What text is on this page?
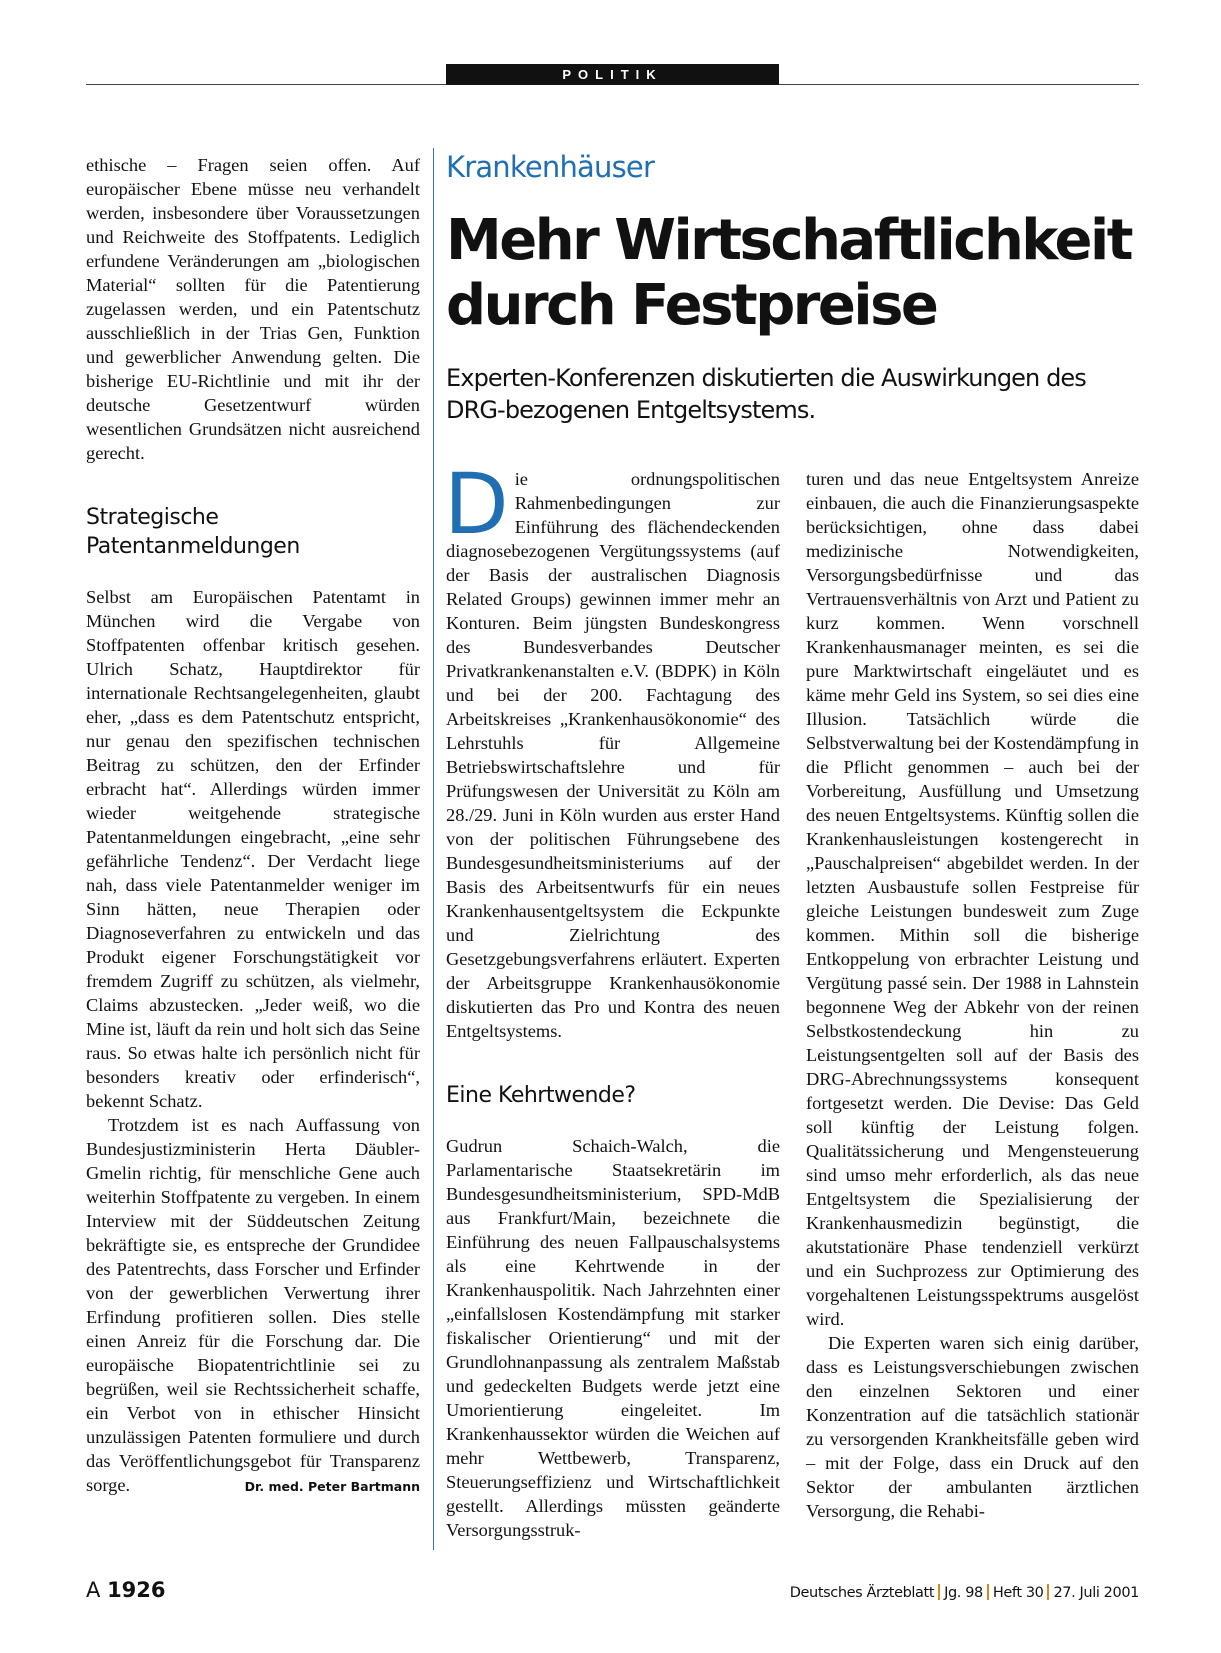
POLITIK

ethische – Fragen seien offen. Auf europäischer Ebene müsse neu verhandelt werden, insbesondere über Voraussetzungen und Reichweite des Stoffpatents. Lediglich erfundene Veränderungen am „biologischen Material“ sollten für die Patentierung zugelassen werden, und ein Patentschutz ausschließlich in der Trias Gen, Funktion und gewerblicher Anwendung gelten. Die bisherige EU-Richtlinie und mit ihr der deutsche Gesetzentwurf würden wesentlichen Grundsätzen nicht ausreichend gerecht.

Strategische Patentanmeldungen

Selbst am Europäischen Patentamt in München wird die Vergabe von Stoffpatenten offenbar kritisch gesehen. Ulrich Schatz, Hauptdirektor für internationale Rechtsangelegenheiten, glaubt eher, „dass es dem Patentschutz entspricht, nur genau den spezifischen technischen Beitrag zu schützen, den der Erfinder erbracht hat“. Allerdings würden immer wieder weitgehende strategische Patentanmeldungen eingebracht, „eine sehr gefährliche Tendenz“. Der Verdacht liege nah, dass viele Patentanmelder weniger im Sinn hätten, neue Therapien oder Diagnoseverfahren zu entwickeln und das Produkt eigener Forschungstätigkeit vor fremdem Zugriff zu schützen, als vielmehr, Claims abzustecken. „Jeder weiß, wo die Mine ist, läuft da rein und holt sich das Seine raus. So etwas halte ich persönlich nicht für besonders kreativ oder erfinderisch“, bekennt Schatz.

Trotzdem ist es nach Auffassung von Bundesjustizministerin Herta Däubler-Gmelin richtig, für menschliche Gene auch weiterhin Stoffpatente zu vergeben. In einem Interview mit der Süddeutschen Zeitung bekräftigte sie, es entspreche der Grundidee des Patentrechts, dass Forscher und Erfinder von der gewerblichen Verwertung ihrer Erfindung profitieren sollen. Dies stelle einen Anreiz für die Forschung dar. Die europäische Biopatentrichtlinie sei zu begrüßen, weil sie Rechtssicherheit schaffe, ein Verbot von in ethischer Hinsicht unzulässigen Patenten formuliere und durch das Veröffentlichungsgebot für Transparenz sorge.	Dr. med. Peter Bartmann

Krankenhäuser
Mehr Wirtschaftlichkeit
durch Festpreise

Experten-Konferenzen diskutierten die Auswirkungen des DRG-bezogenen Entgeltsystems.

Die ordnungspolitischen Rahmenbedingungen zur Einführung des flächendeckenden diagnosebezogenen Vergütungssystems (auf der Basis der australischen Diagnosis Related Groups) gewinnen immer mehr an Konturen. Beim jüngsten Bundeskongress des Bundesverbandes Deutscher Privatkrankenanstalten e.V. (BDPK) in Köln und bei der 200. Fachtagung des Arbeitskreises „Krankenhausökonomie“ des Lehrstuhls für Allgemeine Betriebswirtschaftslehre und für Prüfungswesen der Universität zu Köln am 28./29. Juni in Köln wurden aus erster Hand von der politischen Führungsebene des Bundesgesundheitsministeriums auf der Basis des Arbeitsentwurfs für ein neues Krankenhausentgeltsystem die Eckpunkte und Zielrichtung des Gesetzgebungsverfahrens erläutert. Experten der Arbeitsgruppe Krankenhausökonomie diskutierten das Pro und Kontra des neuen Entgeltsystems.

Eine Kehrtwende?

Gudrun Schaich-Walch, die Parlamentarische Staatsekretärin im Bundesgesundheitsministerium, SPD-MdB aus Frankfurt/Main, bezeichnete die Einführung des neuen Fallpauschalsystems als eine Kehrtwende in der Krankenhauspolitik. Nach Jahrzehnten einer „einfallslosen Kostendämpfung mit starker fiskalischer Orientierung“ und mit der Grundlohnanpassung als zentralem Maßstab und gedeckelten Budgets werde jetzt eine Umorientierung eingeleitet. Im Krankenhaussektor würden die Weichen auf mehr Wettbewerb, Transparenz, Steuerungseffizienz und Wirtschaftlichkeit gestellt. Allerdings müssten geänderte Versorgungsstruk-

turen und das neue Entgeltsystem Anreize einbauen, die auch die Finanzierungsaspekte berücksichtigen, ohne dass dabei medizinische Notwendigkeiten, Versorgungsbedürfnisse und das Vertrauensverhältnis von Arzt und Patient zu kurz kommen. Wenn vorschnell Krankenhausmanager meinten, es sei die pure Marktwirtschaft eingeläutet und es käme mehr Geld ins System, so sei dies eine Illusion. Tatsächlich würde die Selbstverwaltung bei der Kostendämpfung in die Pflicht genommen – auch bei der Vorbereitung, Ausfüllung und Umsetzung des neuen Entgeltsystems. Künftig sollen die Krankenhausleistungen kostengerecht in „Pauschalpreisen“ abgebildet werden. In der letzten Ausbaustufe sollen Festpreise für gleiche Leistungen bundesweit zum Zuge kommen. Mithin soll die bisherige Entkoppelung von erbrachter Leistung und Vergütung passé sein. Der 1988 in Lahnstein begonnene Weg der Abkehr von der reinen Selbstkostendeckung hin zu Leistungsentgelten soll auf der Basis des DRG-Abrechnungssystems konsequent fortgesetzt werden. Die Devise: Das Geld soll künftig der Leistung folgen. Qualitätssicherung und Mengensteuerung sind umso mehr erforderlich, als das neue Entgeltsystem die Spezialisierung der Krankenhausmedizin begünstigt, die akutstationäre Phase tendenziell verkürzt und ein Suchprozess zur Optimierung des vorgehaltenen Leistungsspektrums ausgelöst wird.

Die Experten waren sich einig darüber, dass es Leistungsverschiebungen zwischen den einzelnen Sektoren und einer Konzentration auf die tatsächlich stationär zu versorgenden Krankheitsfälle geben wird – mit der Folge, dass ein Druck auf den Sektor der ambulanten ärztlichen Versorgung, die Rehabi-

A 1926	Deutsches Ärzteblatt Jg. 98 Heft 30 27. Juli 2001
